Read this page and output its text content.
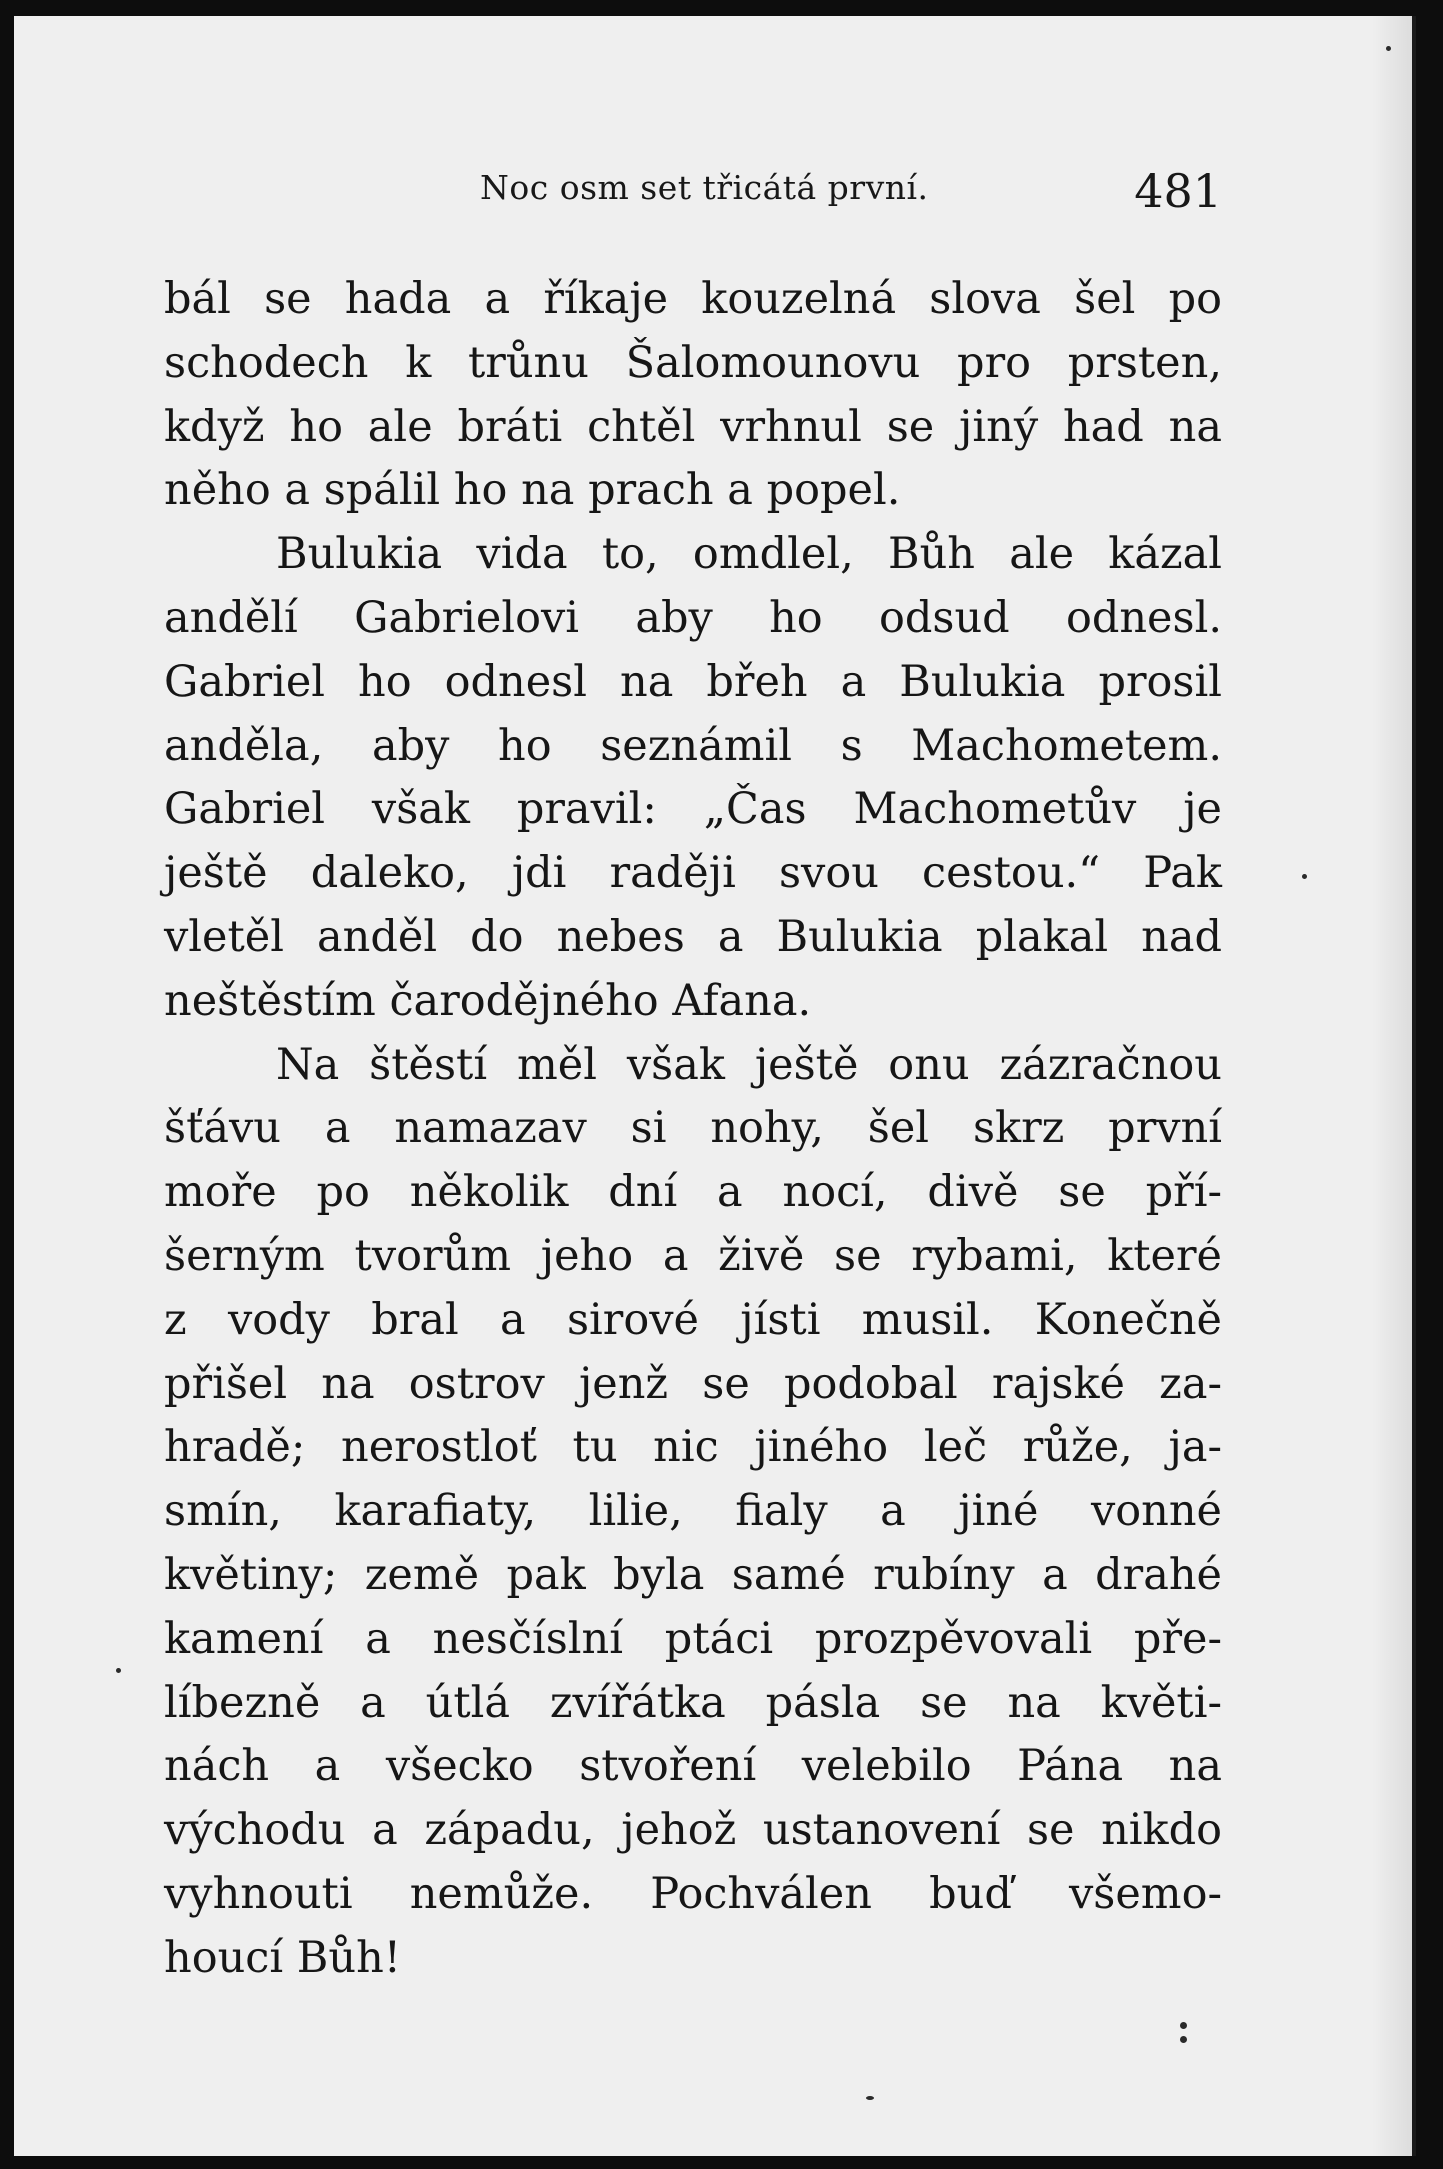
Noc osm set třicátá první.	481
bál se hada a říkaje kouzelná slova šel po
schodech k trůnu Šalomounovu pro prsten,
když ho ale bráti chtěl vrhnul se jiný had na
něho a spálil ho na prach a popel.
Bulukia vida to, omdlel, Bůh ale kázal
andělí Gabrielovi aby ho odsud odnesl.
Gabriel ho odnesl na břeh a Bulukia prosil
anděla, aby ho seznámil s Machometem.
Gabriel však pravil: „Čas Machometův je
ještě daleko, jdi raději svou cestou.“ Pak
vletěl anděl do nebes a Bulukia plakal nad
neštěstím čarodějného Afana.
Na štěstí měl však ještě onu zázračnou
šťávu a namazav si nohy, šel skrz první
moře po několik dní a nocí, divě se pří-
šerným tvorům jeho a živě se rybami, které
z vody bral a sirové jísti musil. Konečně
přišel na ostrov jenž se podobal rajské za-
hradě; nerostloť tu nic jiného leč růže, ja-
smín, karafiaty, lilie, fialy a jiné vonné
květiny; země pak byla samé rubíny a drahé
kamení a nesčíslní ptáci prozpěvovali pře-
líbezně a útlá zvířátka pásla se na květi-
nách a všecko stvoření velebilo Pána na
východu a západu, jehož ustanovení se nikdo
vyhnouti nemůže. Pochválen buď všemo-
houcí Bůh!
